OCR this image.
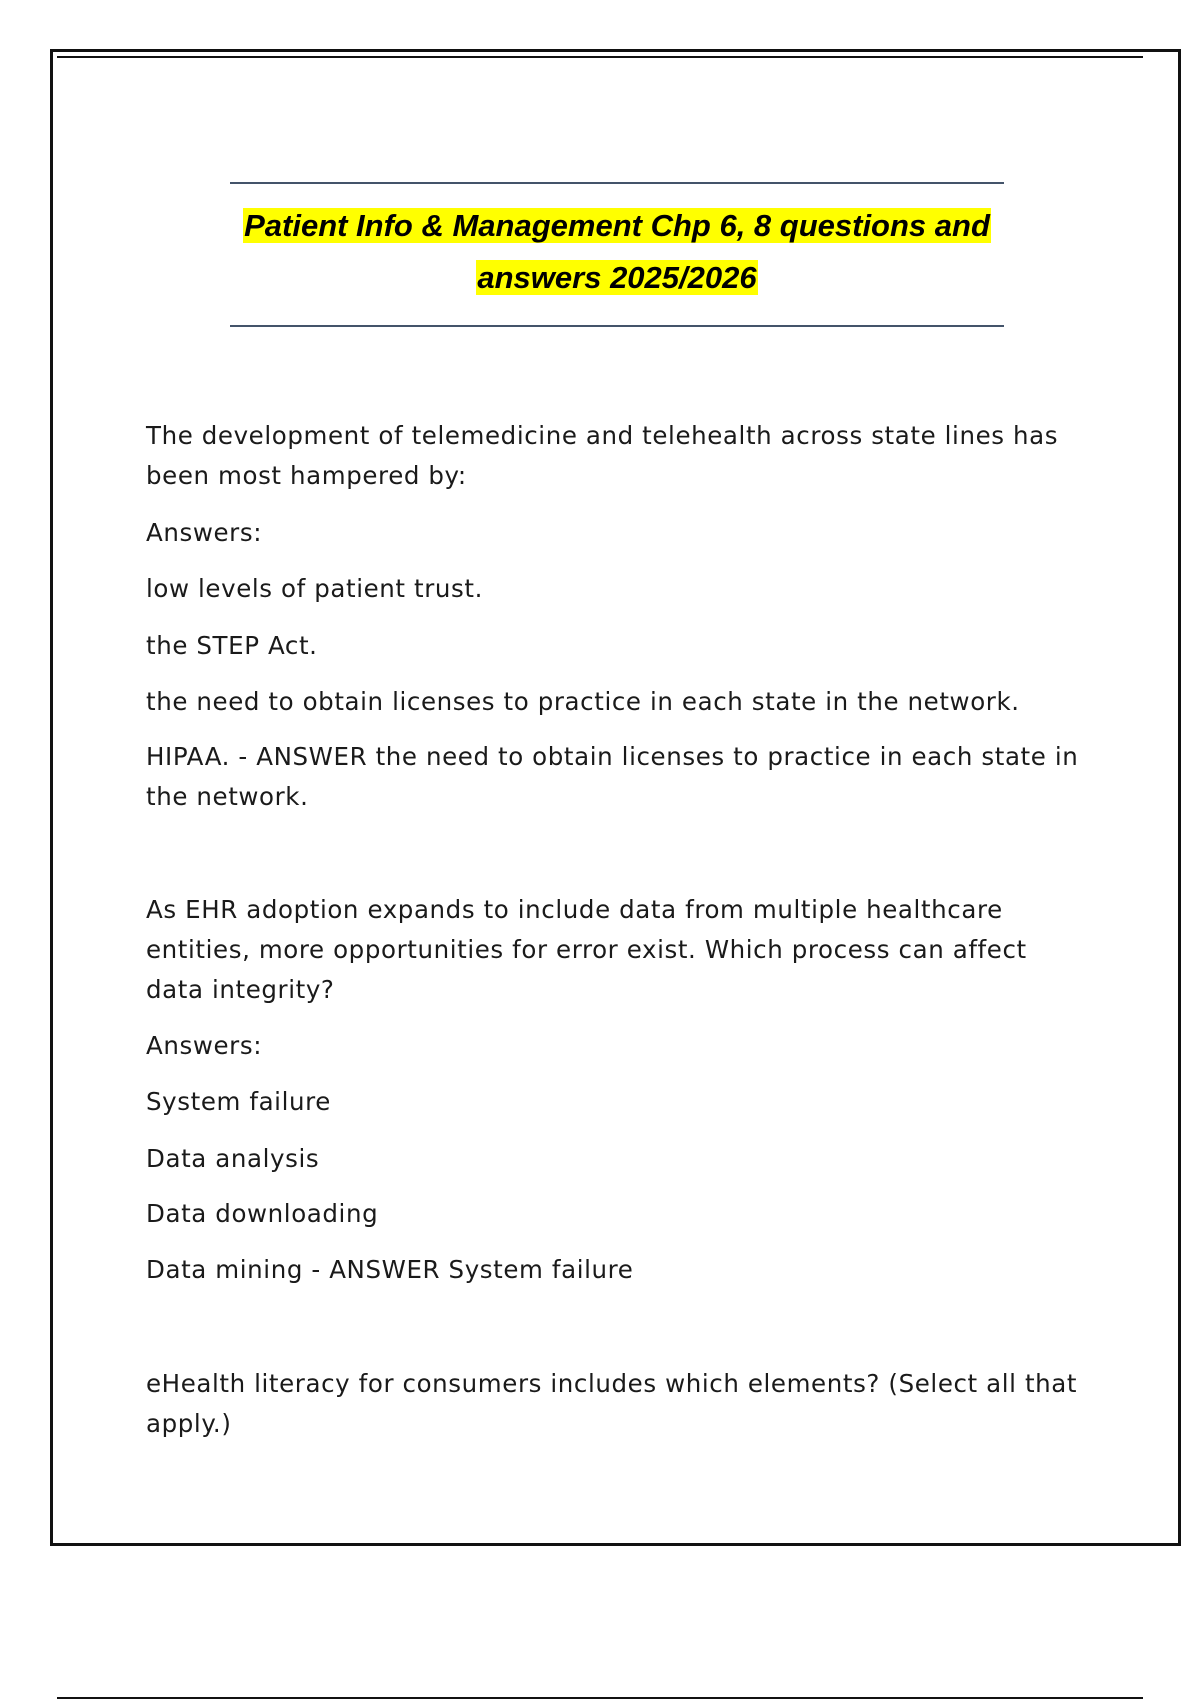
Patient Info & Management Chp 6, 8 questions and
answers 2025/2026

The development of telemedicine and telehealth across state lines has been most hampered by:

Answers:

low levels of patient trust.

the STEP Act.

the need to obtain licenses to practice in each state in the network.

HIPAA. - ANSWER the need to obtain licenses to practice in each state in the network.

As EHR adoption expands to include data from multiple healthcare entities, more opportunities for error exist. Which process can affect data integrity?

Answers:

System failure

Data analysis

Data downloading

Data mining - ANSWER System failure

eHealth literacy for consumers includes which elements? (Select all that apply.)
